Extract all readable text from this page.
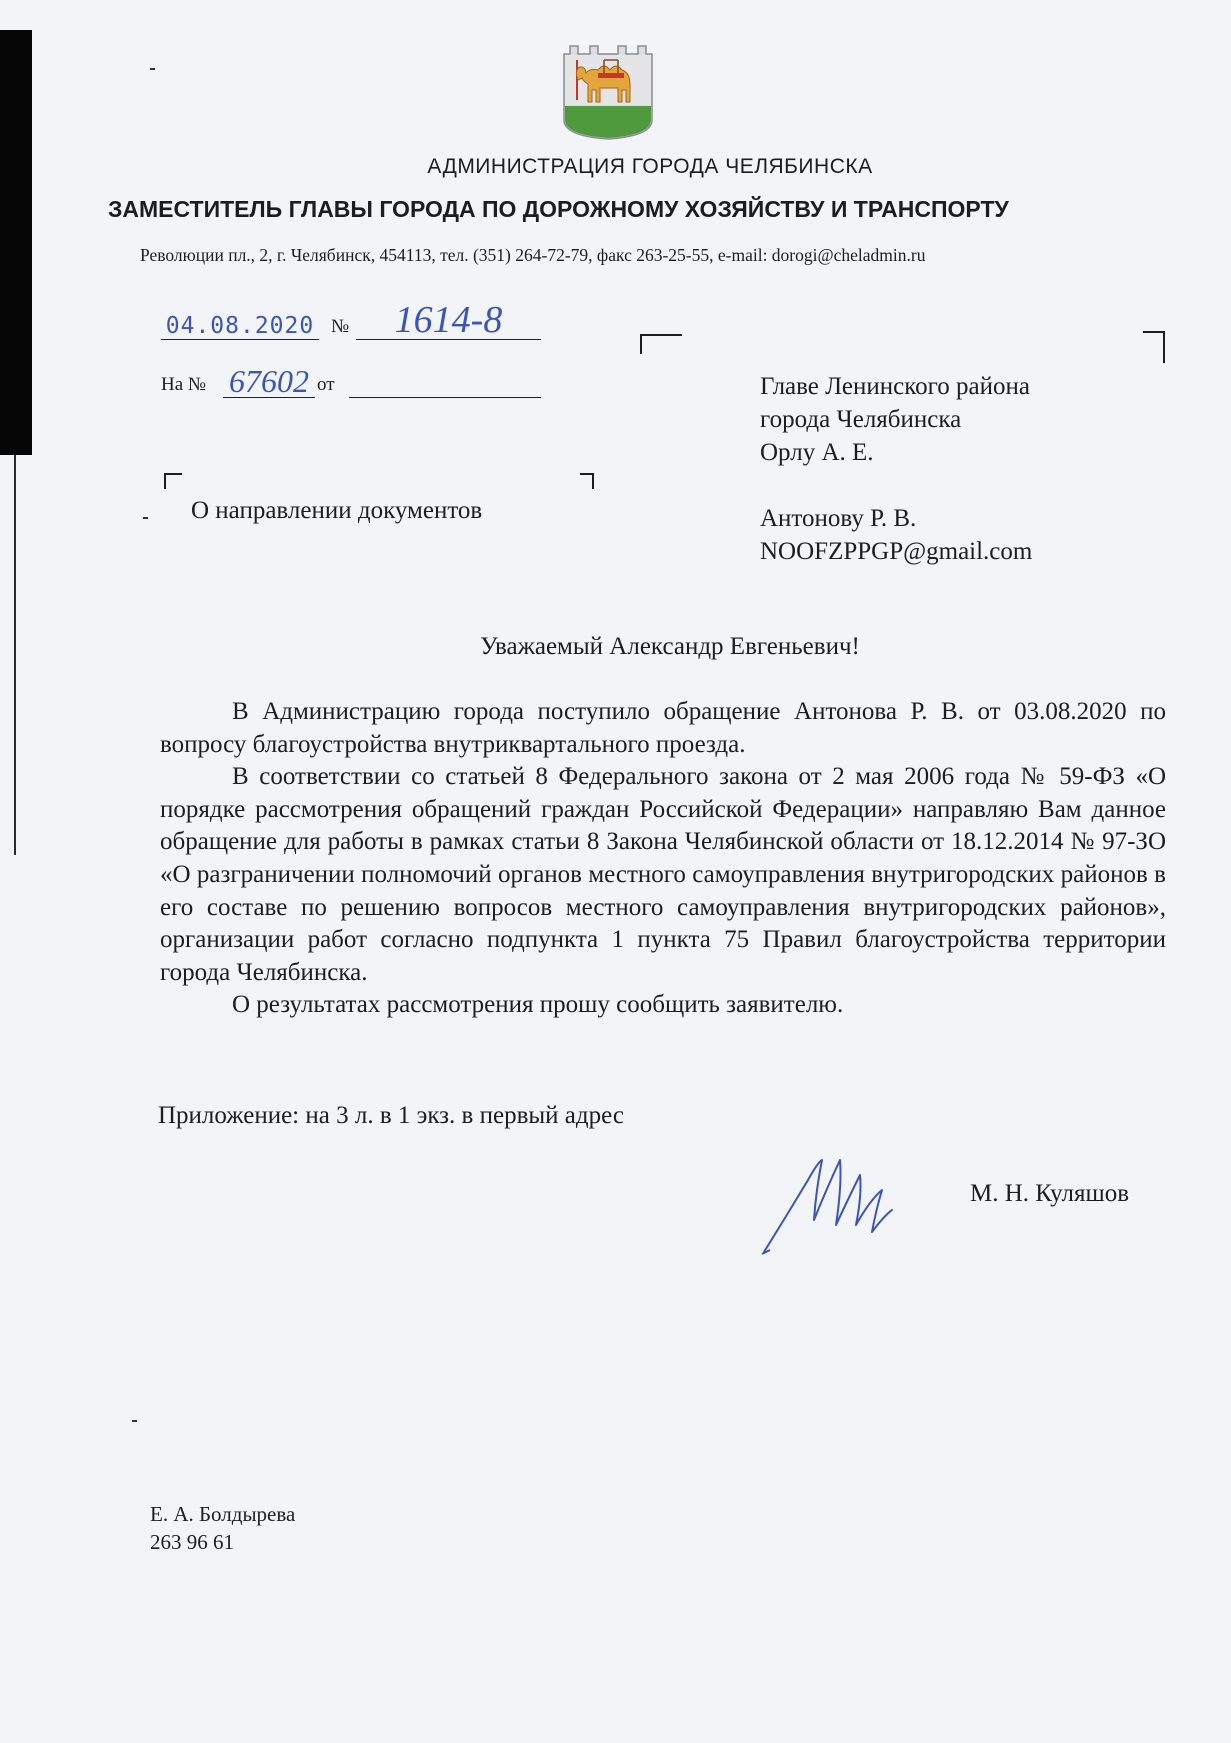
АДМИНИСТРАЦИЯ ГОРОДА ЧЕЛЯБИНСКА
ЗАМЕСТИТЕЛЬ ГЛАВЫ ГОРОДА ПО ДОРОЖНОМУ ХОЗЯЙСТВУ И ТРАНСПОРТУ
Революции пл., 2, г. Челябинск, 454113, тел. (351) 264-72-79, факс 263-25-55, e-mail: dorogi@cheladmin.ru
04.08.2020 №	1614-8
На № 67602 от	Главе Ленинского района
города Челябинска
Орлу А. Е.

Антонову Р. В.
NOOFZPPGP@gmail.com
О направлении документов
Уважаемый Александр Евгеньевич!

В Администрацию города поступило обращение Антонова Р. В. от 03.08.2020 по вопросу благоустройства внутриквартального проезда.

В соответствии со статьей 8 Федерального закона от 2 мая 2006 года № 59-ФЗ «О порядке рассмотрения обращений граждан Российской Федерации» направляю Вам данное обращение для работы в рамках статьи 8 Закона Челябинской области от 18.12.2014 № 97-ЗО «О разграничении полномочий органов местного самоуправления внутригородских районов в его составе по решению вопросов местного самоуправления внутригородских районов», организации работ согласно подпункта 1 пункта 75 Правил благоустройства территории города Челябинска.

О результатах рассмотрения прошу сообщить заявителю.

Приложение: на 3 л. в 1 экз. в первый адрес
М. Н. Куляшов
Е. А. Болдырева
263 96 61
